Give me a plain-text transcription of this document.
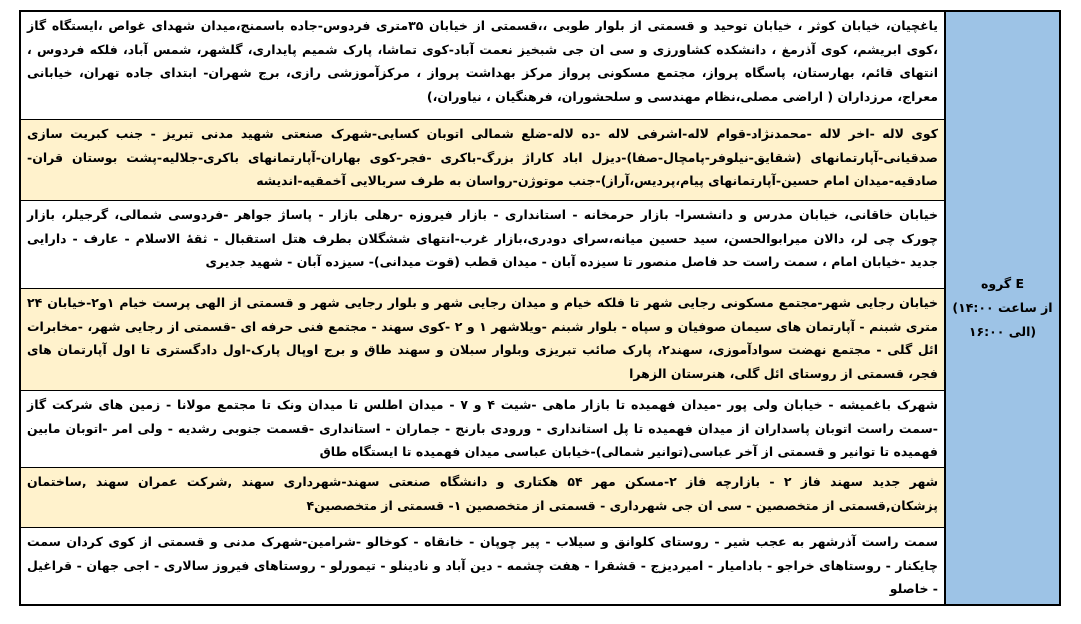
گروه E
(از ساعت ۱۴:۰۰
الی ۱۶:۰۰)
یاغچیان، خیابان کوثر ، خیابان توحید و قسمتی از بلوار طوبی ،،قسمتی از خیابان ۳۵متری فردوس-جاده باسمنج،میدان شهدای غواص ،ایستگاه گاز ،کوی ابریشم، کوی آذرمغ ، دانشکده کشاورزی و سی ان جی شبخیز نعمت آباد-کوی تماشا، پارک شمیم پایداری، گلشهر، شمس آباد، فلکه فردوس ، انتهای قائم، بهارستان، پاسگاه پرواز، مجتمع مسکونی پرواز مرکز بهداشت پرواز ، مرکزآموزشی رازی، برج شهران- ابتدای جاده تهران، خیابانی معراج، مرزداران ( اراضی مصلی،نظام مهندسی و سلحشوران، فرهنگیان ، نیاوران،)
کوی لاله -اخر لاله -محمدنژاد-قوام لاله-اشرفی لاله -ده لاله-ضلع شمالی اتوبان کسایی-شهرک صنعتی شهید مدنی تبریز - جنب کبریت سازی صدقیانی-آپارتمانهای (شقایق-نیلوفر-پامچال-صفا)-دیزل اباد کاراژ بزرگ-باکری -فجر-کوی بهاران-آپارتمانهای باکری-جلالیه-پشت بوستان قران-صادقیه-میدان امام حسین-آپارتمانهای پیام،پردیس،آراز)-جنب موتوژن-رواسان به طرف سربالایی آخمقیه-اندیشه
خیابان خاقانی، خیابان مدرس و دانشسرا- بازار حرمخانه - استانداری - بازار فیروزه -رهلی بازار - پاساژ جواهر -فردوسی شمالی، گرجیلر، بازار چورک چی لر، دالان میرابوالحسن، سید حسین میانه،سرای دودری،بازار غرب-انتهای ششگلان بطرف هتل استقبال - ثقهٔ الاسلام - عارف - دارایی جدید -خیابان امام ، سمت راست حد فاصل منصور تا سیزده آبان - میدان قطب (قوت میدانی)- سیزده آبان - شهید جدیری
خیابان رجایی شهر-مجتمع مسکونی رجایی شهر تا فلکه خیام و میدان رجایی شهر و بلوار رجایی شهر و قسمتی از الهی پرست خیام ۱و۲-خیابان ۲۴ متری شبنم - آپارتمان های سیمان صوفیان و سپاه - بلوار شبنم -ویلاشهر ۱ و ۲ -کوی سهند - مجتمع فنی حرفه ای -قسمتی از رجایی شهر، -مخابرات ائل گلی - مجتمع نهضت سوادآموزی، سهند۲، پارک صائب تبریزی وبلوار سبلان و سهند طاق و برج اوپال پارک-اول دادگستری تا اول آپارتمان های فجر، قسمتی از روستای ائل گلی، هنرستان الزهرا
شهرک باغمیشه - خیابان ولی پور -میدان فهمیده تا بازار ماهی -شیت ۴ و ۷ - میدان اطلس تا میدان ونک تا مجتمع مولانا - زمین های شرکت گاز -سمت راست اتوبان پاسداران از میدان فهمیده تا پل استانداری - ورودی بارنج - جماران - استانداری -قسمت جنوبی رشدیه - ولی امر -اتوبان مابین فهمیده تا توانیر و قسمتی از آخر عباسی(توانیر شمالی)-خیابان عباسی میدان فهمیده تا ایستگاه طاق
شهر جدید سهند فاز ۲ - بازارچه فاز ۲-مسکن مهر ۵۴ هکتاری و دانشگاه صنعتی سهند-شهرداری سهند ,شرکت عمران سهند ,ساختمان پزشکان,قسمتی از متخصصین - سی ان جی شهرداری - قسمتی از متخصصین ۱- قسمتی از متخصصین۴
سمت راست آذرشهر به عجب شیر - روستای کلوانق و سیلاب - پیر چوپان - خانقاه - کوخالو -شرامین-شهرک مدنی و قسمتی از کوی کردان سمت چایکنار - روستاهای خراجو - بادامیار - امیردیزج - قشقرا - هفت چشمه - دین آباد و نادینلو - تیمورلو - روستاهای فیروز سالاری - اجی جهان - قراغیل - خاصلو
